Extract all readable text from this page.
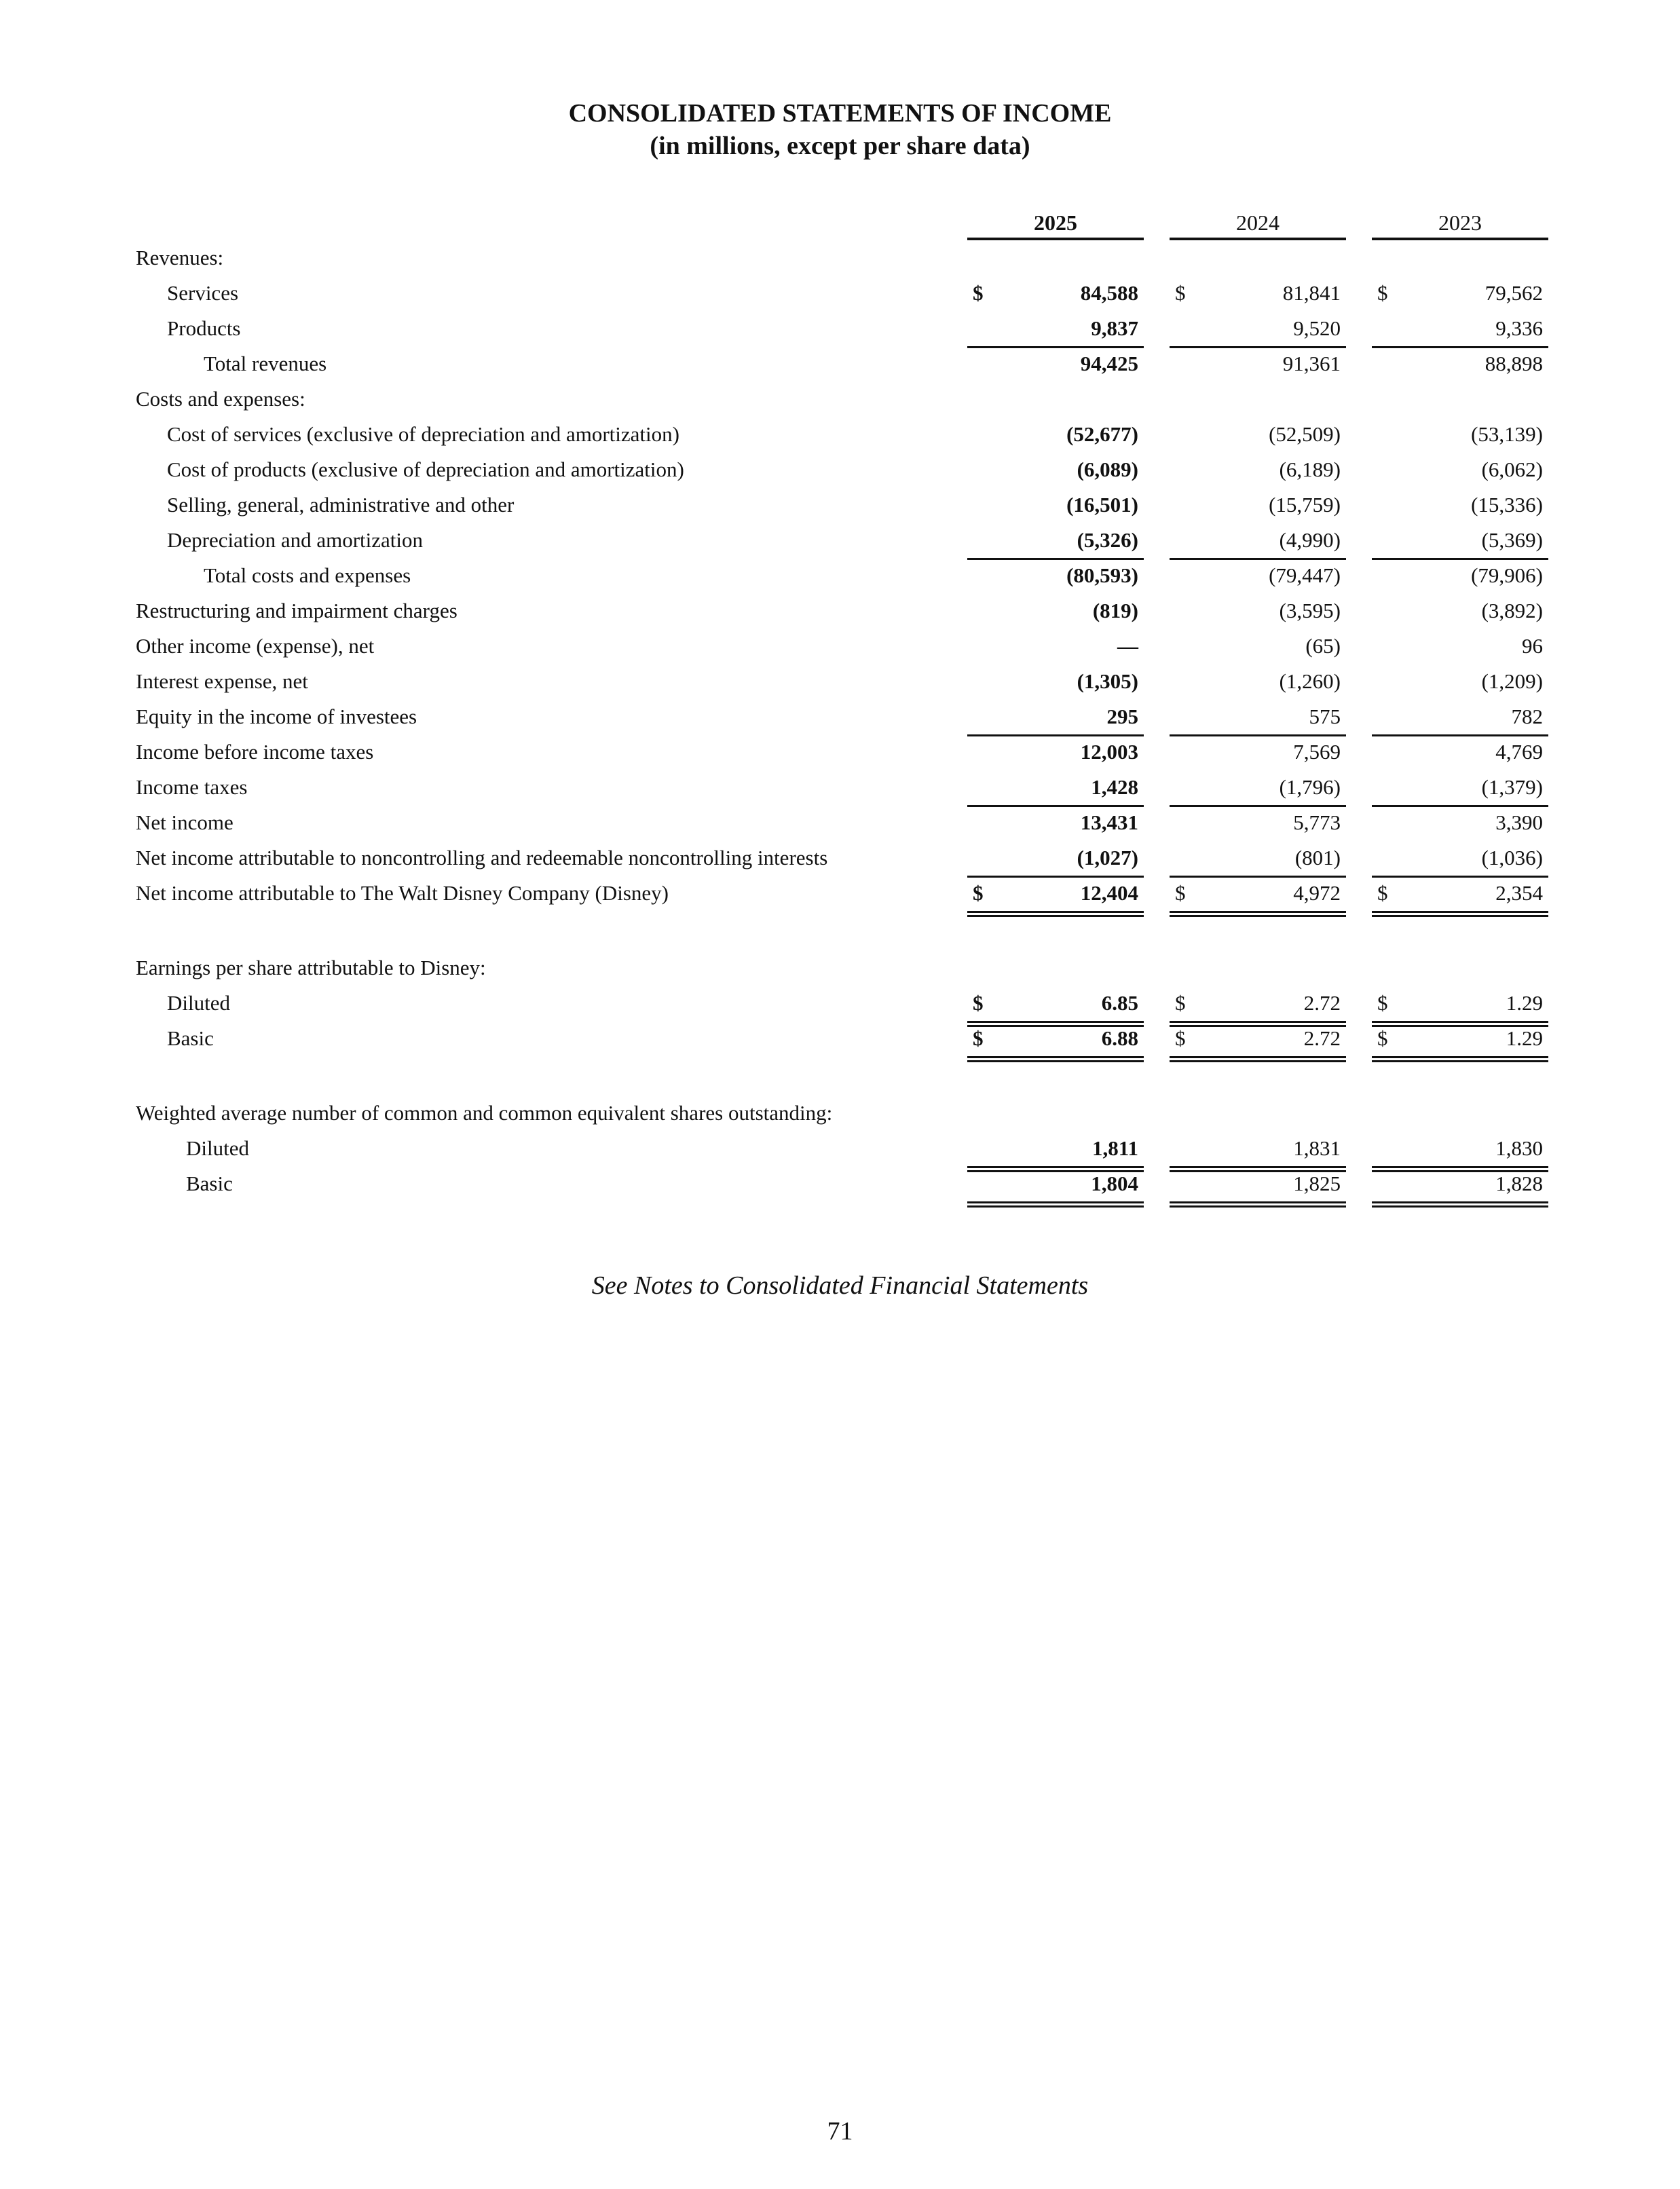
CONSOLIDATED STATEMENTS OF INCOME
(in millions, except per share data)
2025	2024	2023
Revenues:
Services	$	84,588 $	81,841 $	79,562
Products	9,837	9,520	9,336
Total revenues	94,425	91,361	88,898
Costs and expenses:
Cost of services (exclusive of depreciation and amortization)	(52,677)	(52,509)	(53,139)
Cost of products (exclusive of depreciation and amortization)	(6,089)	(6,189)	(6,062)
Selling, general, administrative and other	(16,501)	(15,759)	(15,336)
Depreciation and amortization	(5,326)	(4,990)	(5,369)
Total costs and expenses	(80,593)	(79,447)	(79,906)
Restructuring and impairment charges	(819)	(3,595)	(3,892)
Other income (expense), net	—	(65)	96
Interest expense, net	(1,305)	(1,260)	(1,209)
Equity in the income of investees	295	575	782
Income before income taxes	12,003	7,569	4,769
Income taxes	1,428	(1,796)	(1,379)
Net income	13,431	5,773	3,390
Net income attributable to noncontrolling and redeemable noncontrolling interests	(1,027)	(801)	(1,036)
Net income attributable to The Walt Disney Company (Disney)	$	12,404 $	4,972 $	2,354
Earnings per share attributable to Disney:
Diluted	$	6.85 $	2.72 $	1.29
Basic	$	6.88 $	2.72 $	1.29
Weighted average number of common and common equivalent shares outstanding:
Diluted	1,811	1,831	1,830
Basic	1,804	1,825	1,828
See Notes to Consolidated Financial Statements
71
